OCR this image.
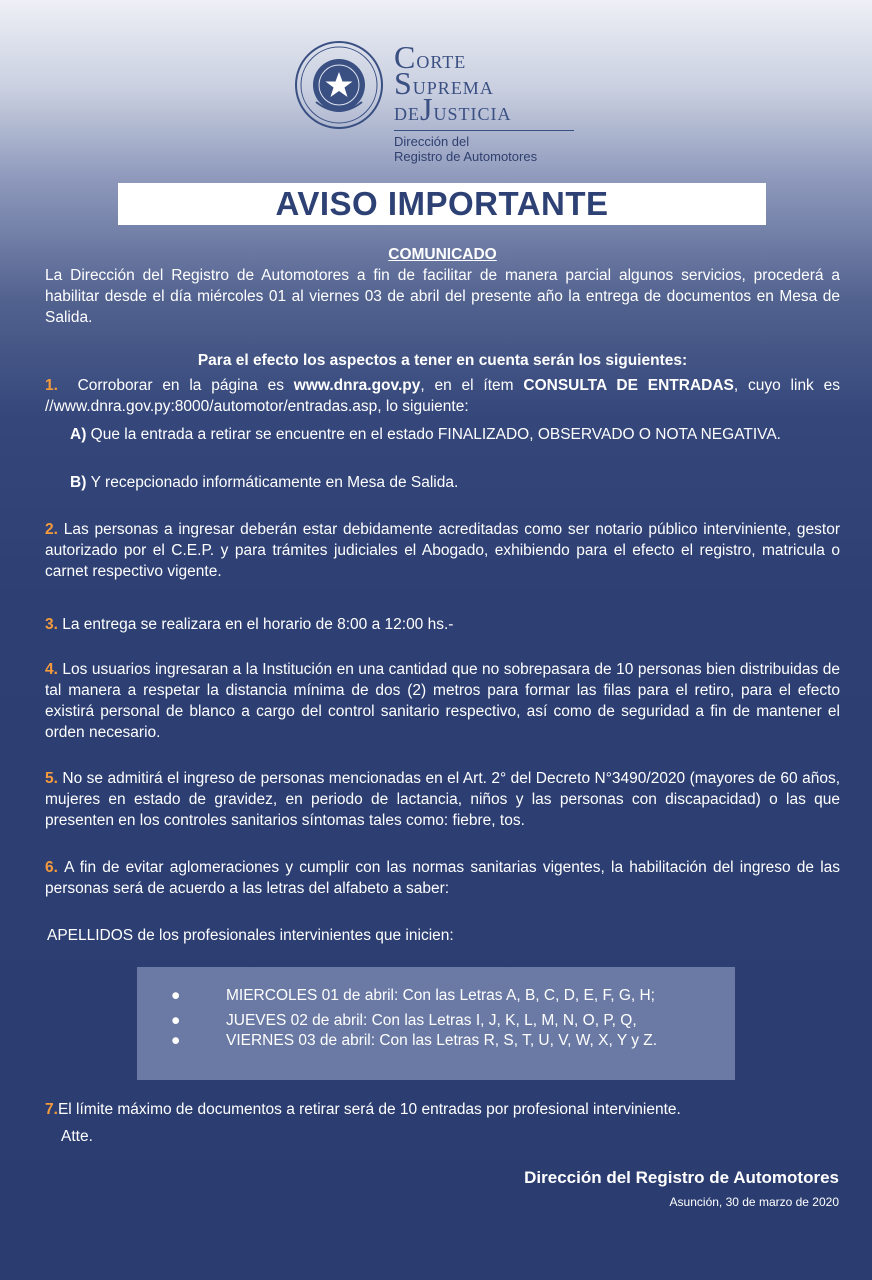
CORTE
SUPREMA
DEJUSTICIA
Dirección del
Registro de Automotores
AVISO IMPORTANTE
COMUNICADO
La Dirección del Registro de Automotores a fin de facilitar de manera parcial algunos servicios, procederá a habilitar desde el día miércoles 01 al viernes 03 de abril del presente año la entrega de documentos en Mesa de Salida.
Para el efecto los aspectos a tener en cuenta serán los siguientes:
1. Corroborar en la página es www.dnra.gov.py, en el ítem CONSULTA DE ENTRADAS, cuyo link es //www.dnra.gov.py:8000/automotor/entradas.asp, lo siguiente:
A) Que la entrada a retirar se encuentre en el estado FINALIZADO, OBSERVADO O NOTA NEGATIVA.
B) Y recepcionado informáticamente en Mesa de Salida.
2. Las personas a ingresar deberán estar debidamente acreditadas como ser notario público interviniente, gestor autorizado por el C.E.P. y para trámites judiciales el Abogado, exhibiendo para el efecto el registro, matricula o carnet respectivo vigente.
3. La entrega se realizara en el horario de 8:00 a 12:00 hs.-
4. Los usuarios ingresaran a la Institución en una cantidad que no sobrepasara de 10 personas bien distribuidas de tal manera a respetar la distancia mínima de dos (2) metros para formar las filas para el retiro, para el efecto existirá personal de blanco a cargo del control sanitario respectivo, así como de seguridad a fin de mantener el orden necesario.
5. No se admitirá el ingreso de personas mencionadas en el Art. 2° del Decreto N°3490/2020 (mayores de 60 años, mujeres en estado de gravidez, en periodo de lactancia, niños y las personas con discapacidad) o las que presenten en los controles sanitarios síntomas tales como: fiebre, tos.
6. A fin de evitar aglomeraciones y cumplir con las normas sanitarias vigentes, la habilitación del ingreso de las personas será de acuerdo a las letras del alfabeto a saber:
APELLIDOS de los profesionales intervinientes que inicien:
●	MIERCOLES 01 de abril: Con las Letras A, B, C, D, E, F, G, H;
●	JUEVES 02 de abril: Con las Letras I, J, K, L, M, N, O, P, Q,
●	VIERNES 03 de abril: Con las Letras R, S, T, U, V, W, X, Y y Z.
7.El límite máximo de documentos a retirar será de 10 entradas por profesional interviniente.
Atte.
Dirección del Registro de Automotores
Asunción, 30 de marzo de 2020
